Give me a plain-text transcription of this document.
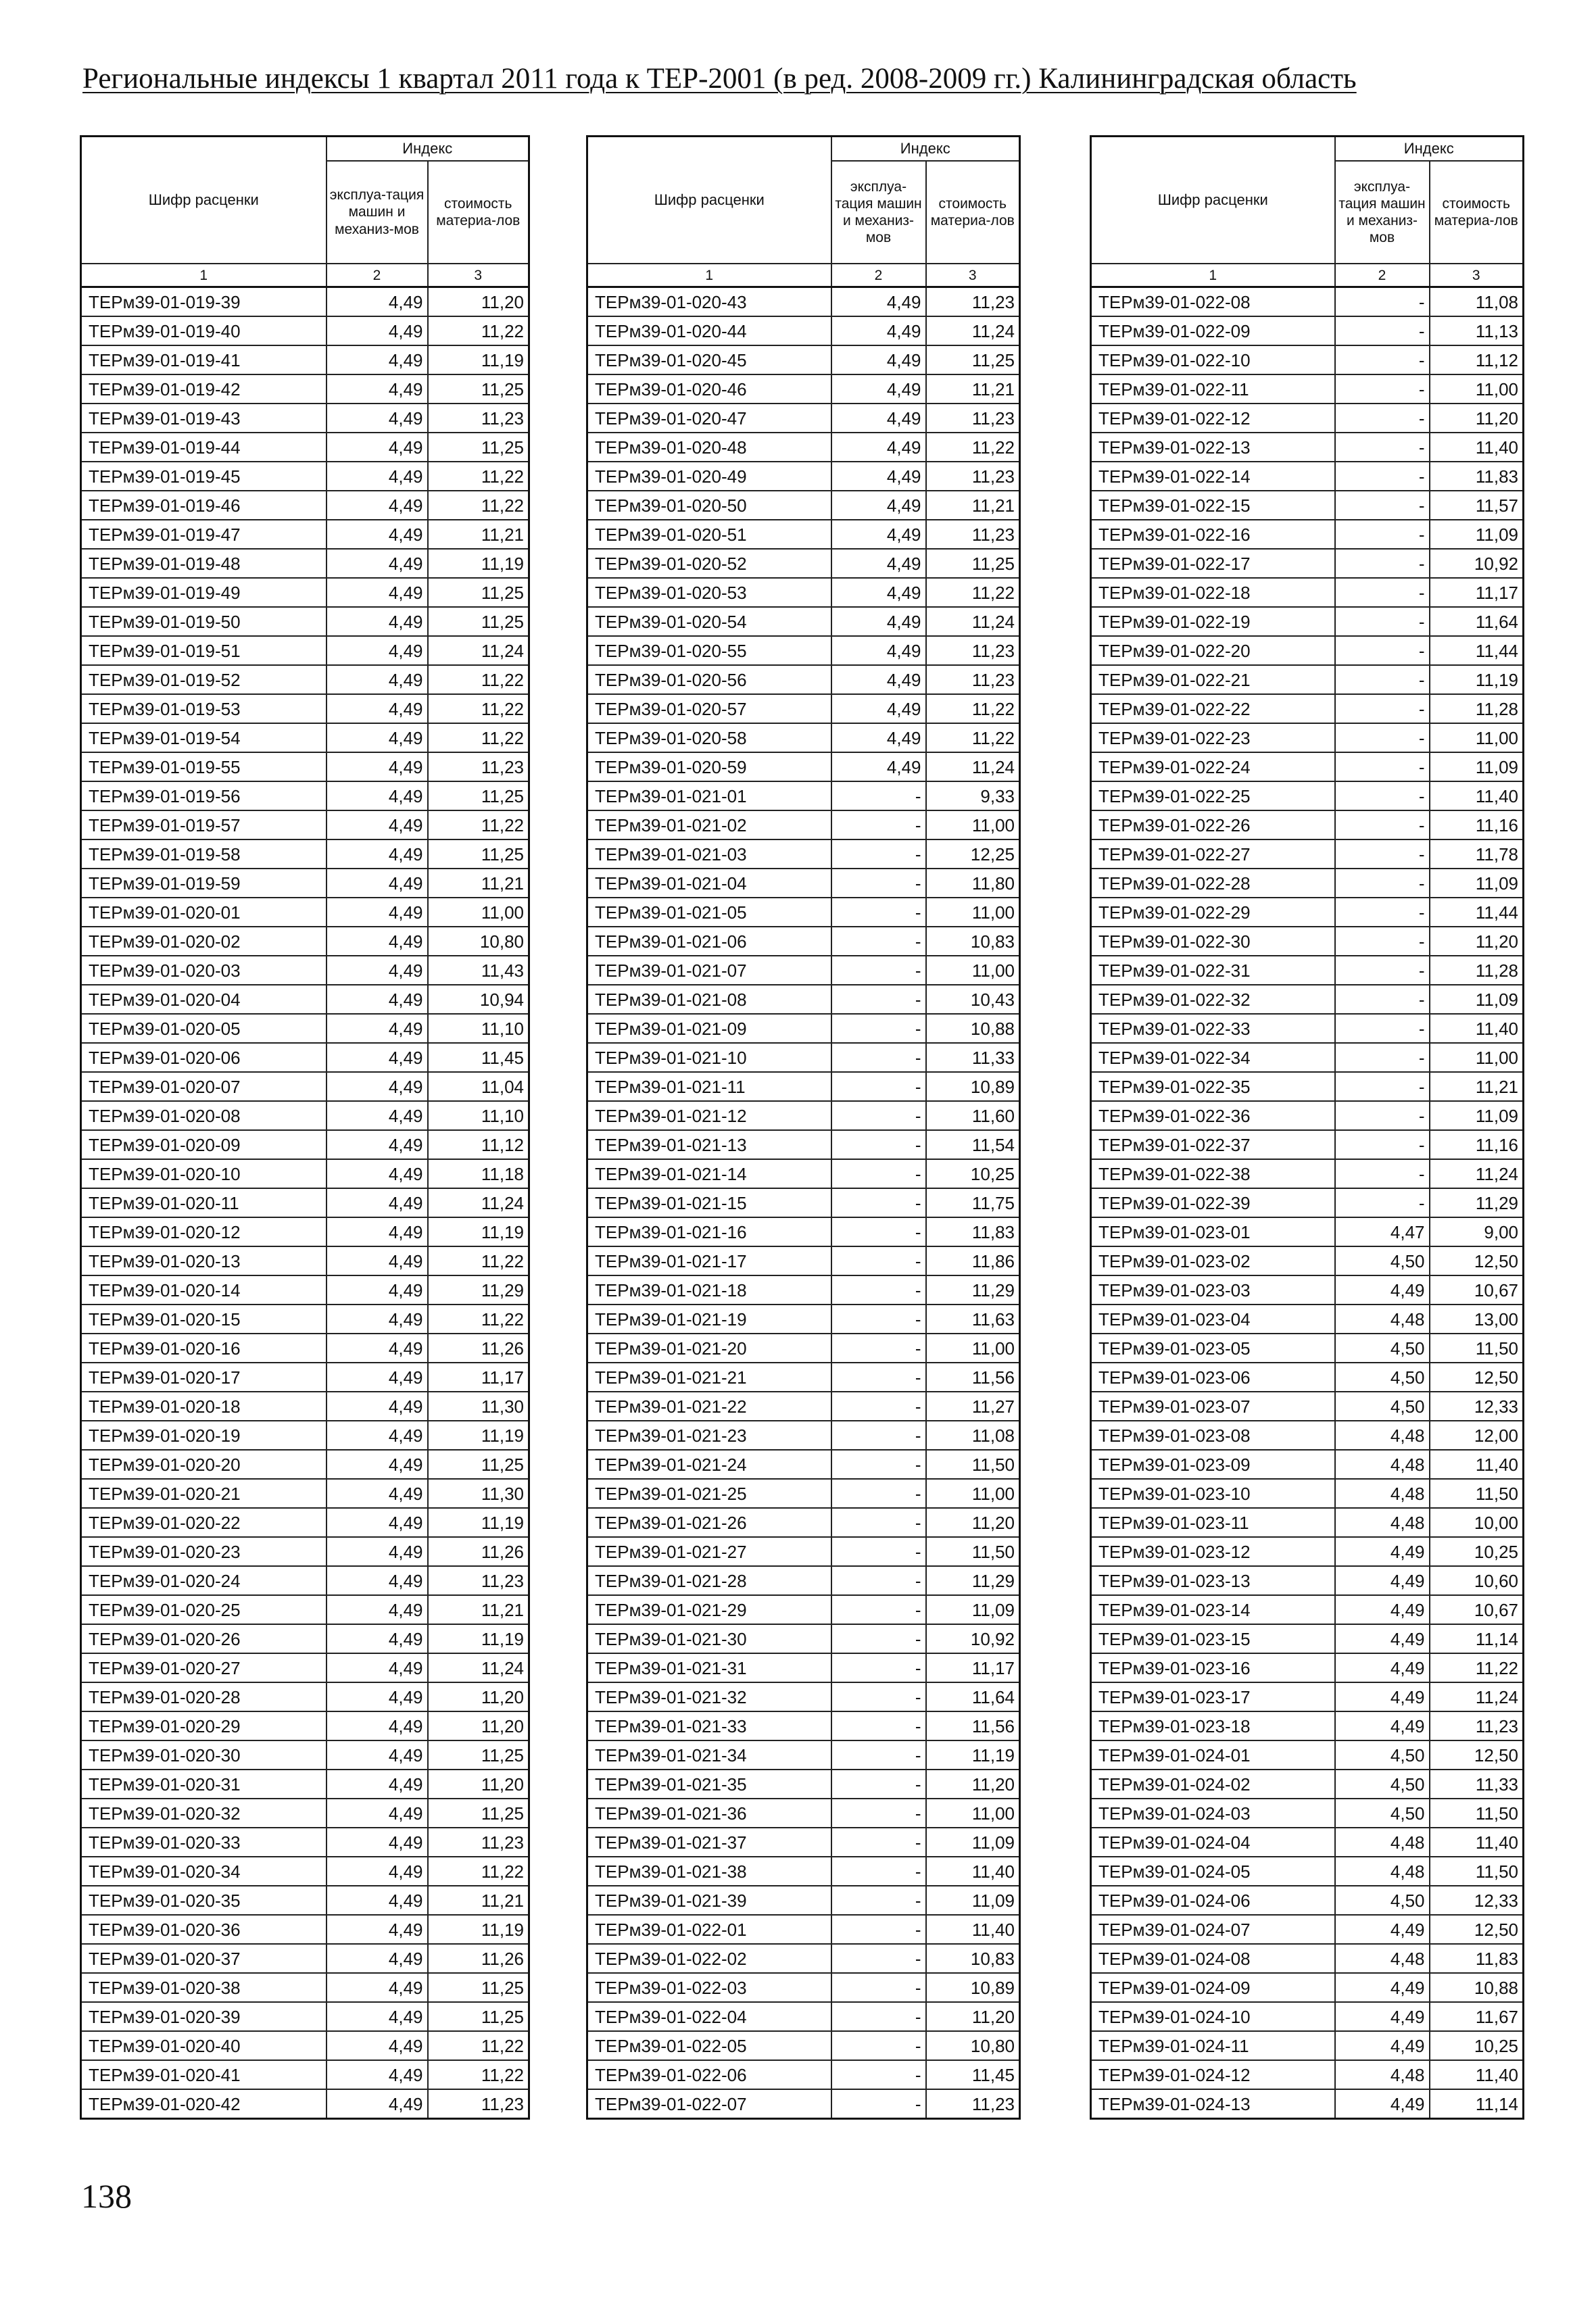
Региональные индексы 1 квартал 2011 года к ТЕР-2001 (в ред. 2008-2009 гг.) Калининградская область
Шифр расценки	Индекс	
	эксплуа-тация машин и механиз-мов	стоимость материа-лов
1	2	3
ТЕРм39-01-019-39	4,49	11,20
ТЕРм39-01-019-40	4,49	11,22
ТЕРм39-01-019-41	4,49	11,19
ТЕРм39-01-019-42	4,49	11,25
ТЕРм39-01-019-43	4,49	11,23
ТЕРм39-01-019-44	4,49	11,25
ТЕРм39-01-019-45	4,49	11,22
ТЕРм39-01-019-46	4,49	11,22
ТЕРм39-01-019-47	4,49	11,21
ТЕРм39-01-019-48	4,49	11,19
ТЕРм39-01-019-49	4,49	11,25
ТЕРм39-01-019-50	4,49	11,25
ТЕРм39-01-019-51	4,49	11,24
ТЕРм39-01-019-52	4,49	11,22
ТЕРм39-01-019-53	4,49	11,22
ТЕРм39-01-019-54	4,49	11,22
ТЕРм39-01-019-55	4,49	11,23
ТЕРм39-01-019-56	4,49	11,25
ТЕРм39-01-019-57	4,49	11,22
ТЕРм39-01-019-58	4,49	11,25
ТЕРм39-01-019-59	4,49	11,21
ТЕРм39-01-020-01	4,49	11,00
ТЕРм39-01-020-02	4,49	10,80
ТЕРм39-01-020-03	4,49	11,43
ТЕРм39-01-020-04	4,49	10,94
ТЕРм39-01-020-05	4,49	11,10
ТЕРм39-01-020-06	4,49	11,45
ТЕРм39-01-020-07	4,49	11,04
ТЕРм39-01-020-08	4,49	11,10
ТЕРм39-01-020-09	4,49	11,12
ТЕРм39-01-020-10	4,49	11,18
ТЕРм39-01-020-11	4,49	11,24
ТЕРм39-01-020-12	4,49	11,19
ТЕРм39-01-020-13	4,49	11,22
ТЕРм39-01-020-14	4,49	11,29
ТЕРм39-01-020-15	4,49	11,22
ТЕРм39-01-020-16	4,49	11,26
ТЕРм39-01-020-17	4,49	11,17
ТЕРм39-01-020-18	4,49	11,30
ТЕРм39-01-020-19	4,49	11,19
ТЕРм39-01-020-20	4,49	11,25
ТЕРм39-01-020-21	4,49	11,30
ТЕРм39-01-020-22	4,49	11,19
ТЕРм39-01-020-23	4,49	11,26
ТЕРм39-01-020-24	4,49	11,23
ТЕРм39-01-020-25	4,49	11,21
ТЕРм39-01-020-26	4,49	11,19
ТЕРм39-01-020-27	4,49	11,24
ТЕРм39-01-020-28	4,49	11,20
ТЕРм39-01-020-29	4,49	11,20
ТЕРм39-01-020-30	4,49	11,25
ТЕРм39-01-020-31	4,49	11,20
ТЕРм39-01-020-32	4,49	11,25
ТЕРм39-01-020-33	4,49	11,23
ТЕРм39-01-020-34	4,49	11,22
ТЕРм39-01-020-35	4,49	11,21
ТЕРм39-01-020-36	4,49	11,19
ТЕРм39-01-020-37	4,49	11,26
ТЕРм39-01-020-38	4,49	11,25
ТЕРм39-01-020-39	4,49	11,25
ТЕРм39-01-020-40	4,49	11,22
ТЕРм39-01-020-41	4,49	11,22
ТЕРм39-01-020-42	4,49	11,23
Шифр расценки	Индекс	
	эксплуа-тация машин и механиз-мов	стоимость материа-лов
1	2	3
ТЕРм39-01-020-43	4,49	11,23
ТЕРм39-01-020-44	4,49	11,24
ТЕРм39-01-020-45	4,49	11,25
ТЕРм39-01-020-46	4,49	11,21
ТЕРм39-01-020-47	4,49	11,23
ТЕРм39-01-020-48	4,49	11,22
ТЕРм39-01-020-49	4,49	11,23
ТЕРм39-01-020-50	4,49	11,21
ТЕРм39-01-020-51	4,49	11,23
ТЕРм39-01-020-52	4,49	11,25
ТЕРм39-01-020-53	4,49	11,22
ТЕРм39-01-020-54	4,49	11,24
ТЕРм39-01-020-55	4,49	11,23
ТЕРм39-01-020-56	4,49	11,23
ТЕРм39-01-020-57	4,49	11,22
ТЕРм39-01-020-58	4,49	11,22
ТЕРм39-01-020-59	4,49	11,24
ТЕРм39-01-021-01	-	9,33
ТЕРм39-01-021-02	-	11,00
ТЕРм39-01-021-03	-	12,25
ТЕРм39-01-021-04	-	11,80
ТЕРм39-01-021-05	-	11,00
ТЕРм39-01-021-06	-	10,83
ТЕРм39-01-021-07	-	11,00
ТЕРм39-01-021-08	-	10,43
ТЕРм39-01-021-09	-	10,88
ТЕРм39-01-021-10	-	11,33
ТЕРм39-01-021-11	-	10,89
ТЕРм39-01-021-12	-	11,60
ТЕРм39-01-021-13	-	11,54
ТЕРм39-01-021-14	-	10,25
ТЕРм39-01-021-15	-	11,75
ТЕРм39-01-021-16	-	11,83
ТЕРм39-01-021-17	-	11,86
ТЕРм39-01-021-18	-	11,29
ТЕРм39-01-021-19	-	11,63
ТЕРм39-01-021-20	-	11,00
ТЕРм39-01-021-21	-	11,56
ТЕРм39-01-021-22	-	11,27
ТЕРм39-01-021-23	-	11,08
ТЕРм39-01-021-24	-	11,50
ТЕРм39-01-021-25	-	11,00
ТЕРм39-01-021-26	-	11,20
ТЕРм39-01-021-27	-	11,50
ТЕРм39-01-021-28	-	11,29
ТЕРм39-01-021-29	-	11,09
ТЕРм39-01-021-30	-	10,92
ТЕРм39-01-021-31	-	11,17
ТЕРм39-01-021-32	-	11,64
ТЕРм39-01-021-33	-	11,56
ТЕРм39-01-021-34	-	11,19
ТЕРм39-01-021-35	-	11,20
ТЕРм39-01-021-36	-	11,00
ТЕРм39-01-021-37	-	11,09
ТЕРм39-01-021-38	-	11,40
ТЕРм39-01-021-39	-	11,09
ТЕРм39-01-022-01	-	11,40
ТЕРм39-01-022-02	-	10,83
ТЕРм39-01-022-03	-	10,89
ТЕРм39-01-022-04	-	11,20
ТЕРм39-01-022-05	-	10,80
ТЕРм39-01-022-06	-	11,45
ТЕРм39-01-022-07	-	11,23
Шифр расценки	Индекс	
	эксплуа-тация машин и механиз-мов	стоимость материа-лов
1	2	3
ТЕРм39-01-022-08	-	11,08
ТЕРм39-01-022-09	-	11,13
ТЕРм39-01-022-10	-	11,12
ТЕРм39-01-022-11	-	11,00
ТЕРм39-01-022-12	-	11,20
ТЕРм39-01-022-13	-	11,40
ТЕРм39-01-022-14	-	11,83
ТЕРм39-01-022-15	-	11,57
ТЕРм39-01-022-16	-	11,09
ТЕРм39-01-022-17	-	10,92
ТЕРм39-01-022-18	-	11,17
ТЕРм39-01-022-19	-	11,64
ТЕРм39-01-022-20	-	11,44
ТЕРм39-01-022-21	-	11,19
ТЕРм39-01-022-22	-	11,28
ТЕРм39-01-022-23	-	11,00
ТЕРм39-01-022-24	-	11,09
ТЕРм39-01-022-25	-	11,40
ТЕРм39-01-022-26	-	11,16
ТЕРм39-01-022-27	-	11,78
ТЕРм39-01-022-28	-	11,09
ТЕРм39-01-022-29	-	11,44
ТЕРм39-01-022-30	-	11,20
ТЕРм39-01-022-31	-	11,28
ТЕРм39-01-022-32	-	11,09
ТЕРм39-01-022-33	-	11,40
ТЕРм39-01-022-34	-	11,00
ТЕРм39-01-022-35	-	11,21
ТЕРм39-01-022-36	-	11,09
ТЕРм39-01-022-37	-	11,16
ТЕРм39-01-022-38	-	11,24
ТЕРм39-01-022-39	-	11,29
ТЕРм39-01-023-01	4,47	9,00
ТЕРм39-01-023-02	4,50	12,50
ТЕРм39-01-023-03	4,49	10,67
ТЕРм39-01-023-04	4,48	13,00
ТЕРм39-01-023-05	4,50	11,50
ТЕРм39-01-023-06	4,50	12,50
ТЕРм39-01-023-07	4,50	12,33
ТЕРм39-01-023-08	4,48	12,00
ТЕРм39-01-023-09	4,48	11,40
ТЕРм39-01-023-10	4,48	11,50
ТЕРм39-01-023-11	4,48	10,00
ТЕРм39-01-023-12	4,49	10,25
ТЕРм39-01-023-13	4,49	10,60
ТЕРм39-01-023-14	4,49	10,67
ТЕРм39-01-023-15	4,49	11,14
ТЕРм39-01-023-16	4,49	11,22
ТЕРм39-01-023-17	4,49	11,24
ТЕРм39-01-023-18	4,49	11,23
ТЕРм39-01-024-01	4,50	12,50
ТЕРм39-01-024-02	4,50	11,33
ТЕРм39-01-024-03	4,50	11,50
ТЕРм39-01-024-04	4,48	11,40
ТЕРм39-01-024-05	4,48	11,50
ТЕРм39-01-024-06	4,50	12,33
ТЕРм39-01-024-07	4,49	12,50
ТЕРм39-01-024-08	4,48	11,83
ТЕРм39-01-024-09	4,49	10,88
ТЕРм39-01-024-10	4,49	11,67
ТЕРм39-01-024-11	4,49	10,25
ТЕРм39-01-024-12	4,48	11,40
ТЕРм39-01-024-13	4,49	11,14
138
